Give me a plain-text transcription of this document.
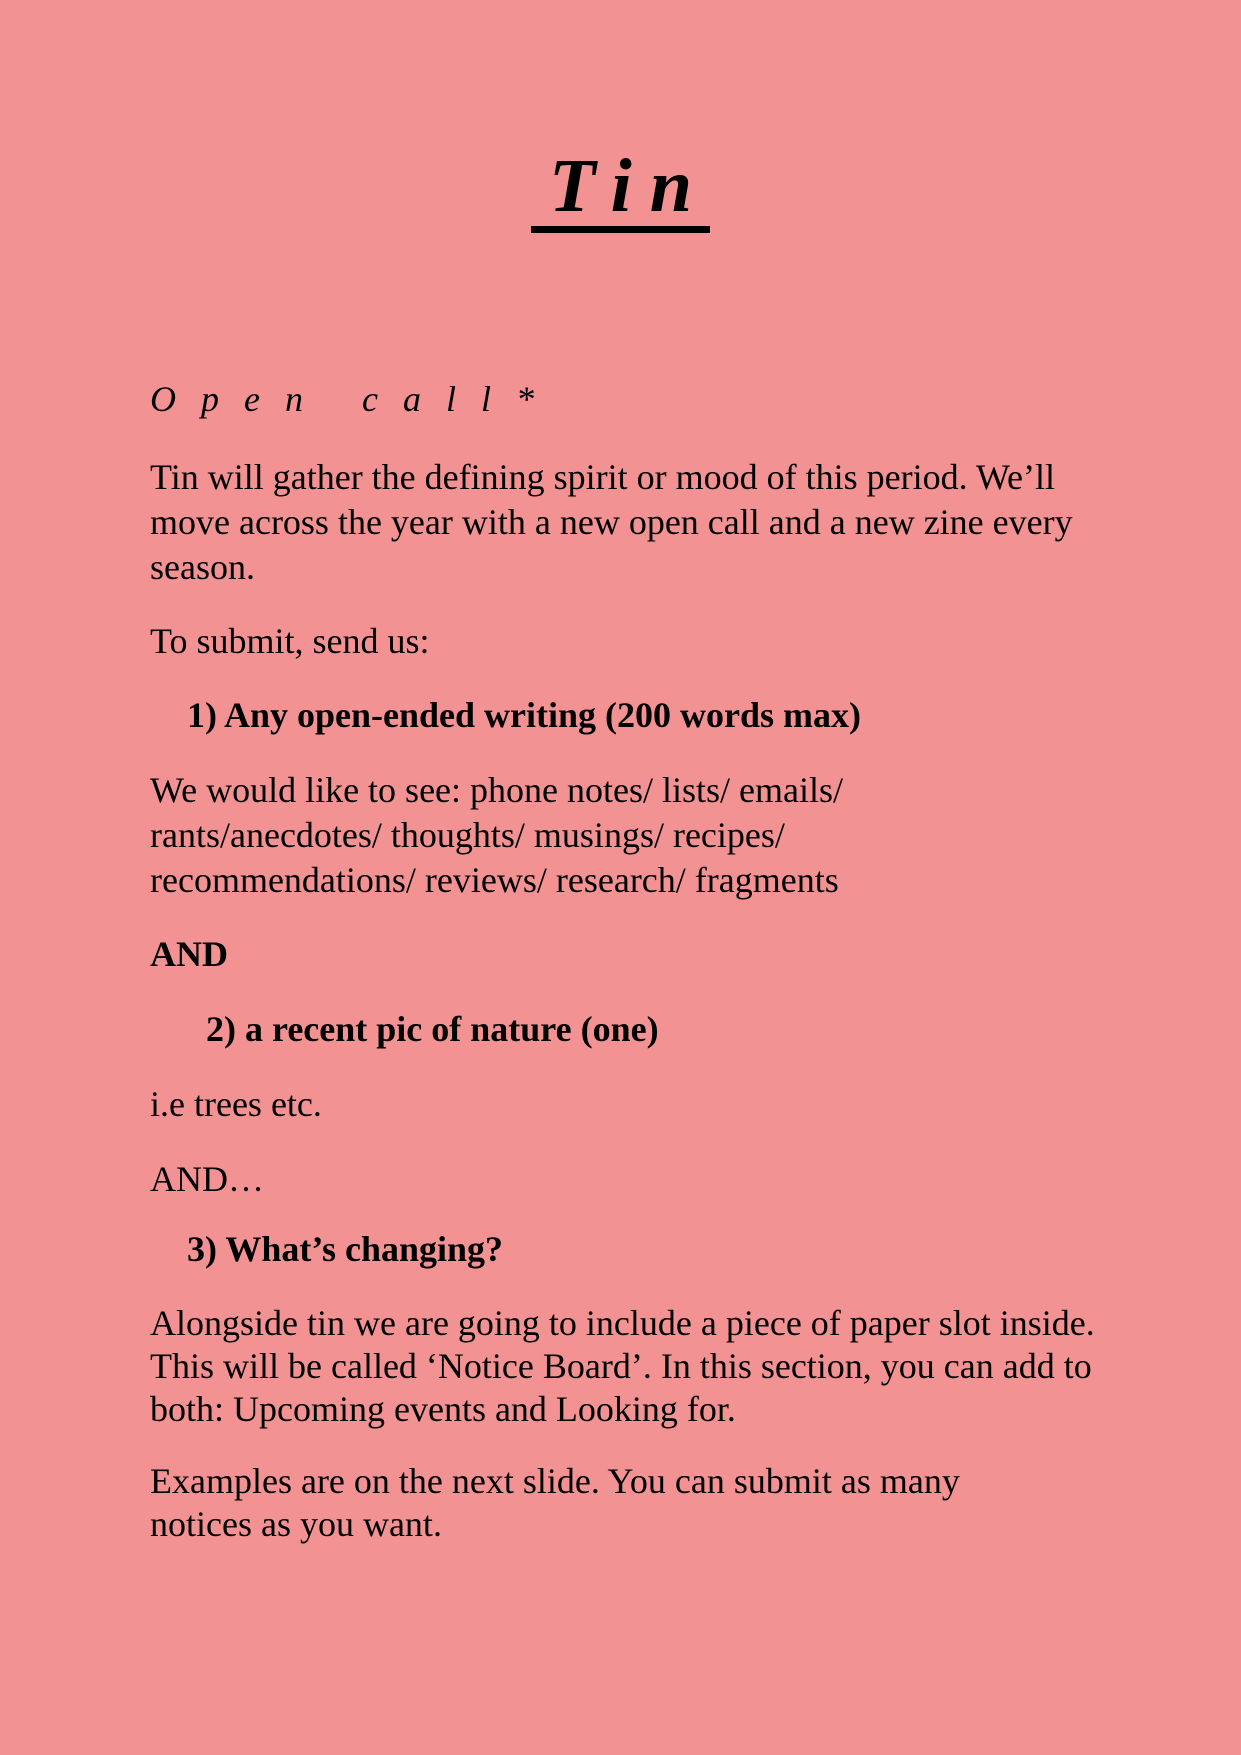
Tin

Open call*

Tin will gather the defining spirit or mood of this period. We’ll move across the year with a new open call and a new zine every season.

To submit, send us:

1) Any open-ended writing (200 words max)

We would like to see: phone notes/ lists/ emails/ rants/anecdotes/ thoughts/ musings/ recipes/ recommendations/ reviews/ research/ fragments

AND

2) a recent pic of nature (one)

i.e trees etc.

AND…

3) What’s changing?

Alongside tin we are going to include a piece of paper slot inside. This will be called ‘Notice Board’. In this section, you can add to both: Upcoming events and Looking for.

Examples are on the next slide. You can submit as many notices as you want.
